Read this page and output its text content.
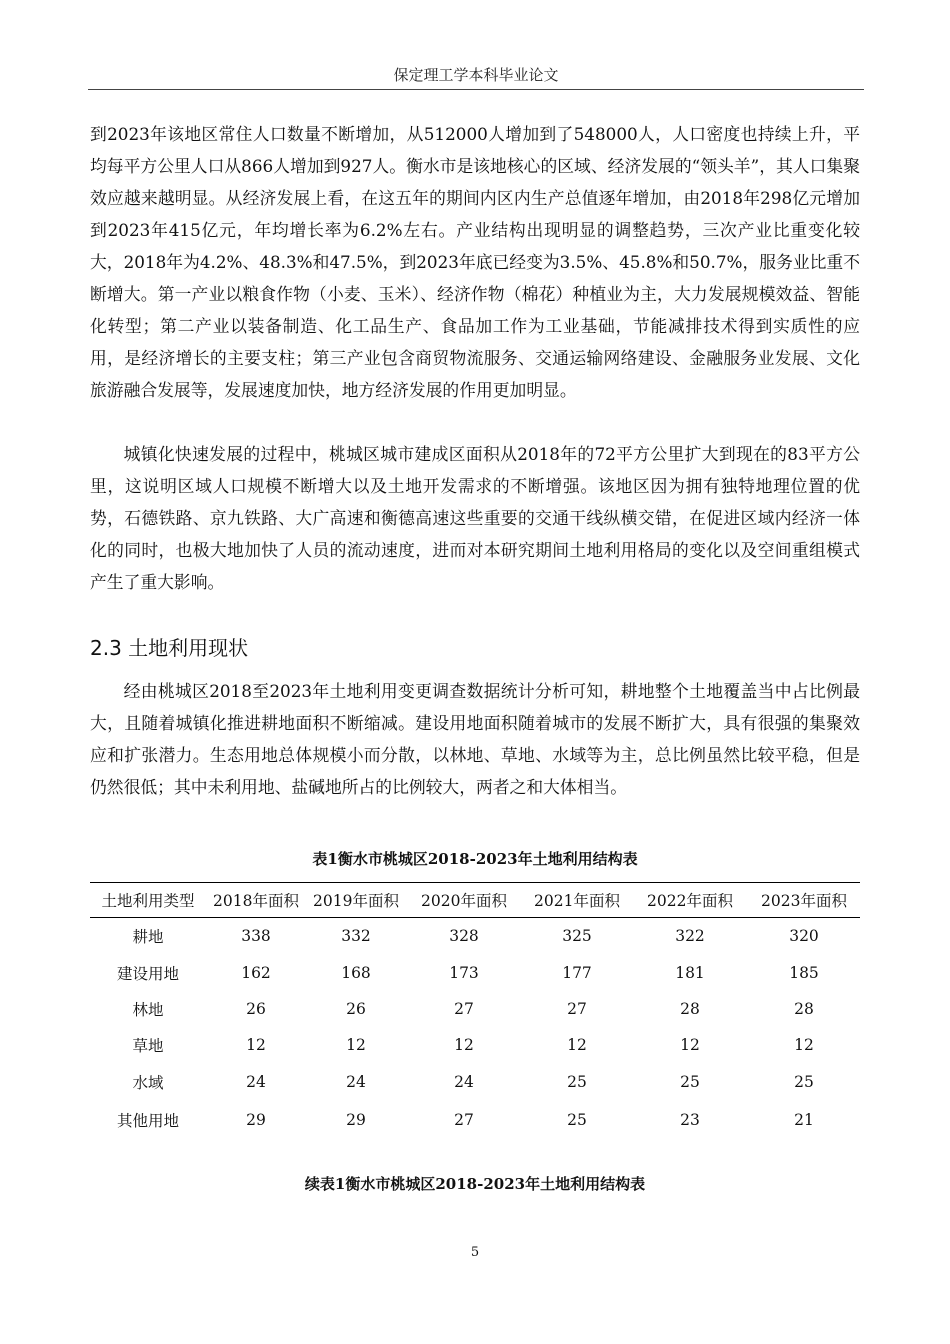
保定理工学本科毕业论文

到2023年该地区常住人口数量不断增加，从512000人增加到了548000人，人口密度也持续上升，平均每平方公里人口从866人增加到927人。衡水市是该地核心的区域、经济发展的“领头羊”，其人口集聚效应越来越明显。从经济发展上看，在这五年的期间内区内生产总值逐年增加，由2018年298亿元增加到2023年415亿元，年均增长率为6.2%左右。产业结构出现明显的调整趋势，三次产业比重变化较大，2018年为4.2%、48.3%和47.5%，到2023年底已经变为3.5%、45.8%和50.7%，服务业比重不断增大。第一产业以粮食作物（小麦、玉米）、经济作物（棉花）种植业为主，大力发展规模效益、智能化转型；第二产业以装备制造、化工品生产、食品加工作为工业基础，节能减排技术得到实质性的应用，是经济增长的主要支柱；第三产业包含商贸物流服务、交通运输网络建设、金融服务业发展、文化旅游融合发展等，发展速度加快，地方经济发展的作用更加明显。

城镇化快速发展的过程中，桃城区城市建成区面积从2018年的72平方公里扩大到现在的83平方公里，这说明区域人口规模不断增大以及土地开发需求的不断增强。该地区因为拥有独特地理位置的优势，石德铁路、京九铁路、大广高速和衡德高速这些重要的交通干线纵横交错，在促进区域内经济一体化的同时，也极大地加快了人员的流动速度，进而对本研究期间土地利用格局的变化以及空间重组模式产生了重大影响。

2.3 土地利用现状

经由桃城区2018至2023年土地利用变更调查数据统计分析可知，耕地整个土地覆盖当中占比例最大，且随着城镇化推进耕地面积不断缩减。建设用地面积随着城市的发展不断扩大，具有很强的集聚效应和扩张潜力。生态用地总体规模小而分散，以林地、草地、水域等为主，总比例虽然比较平稳，但是仍然很低；其中未利用地、盐碱地所占的比例较大，两者之和大体相当。

表1衡水市桃城区2018-2023年土地利用结构表

土地利用类型	2018年面积	2019年面积	2020年面积	2021年面积	2022年面积	2023年面积
耕地	338	332	328	325	322	320
建设用地	162	168	173	177	181	185
林地	26	26	27	27	28	28
草地	12	12	12	12	12	12
水域	24	24	24	25	25	25
其他用地	29	29	27	25	23	21

续表1衡水市桃城区2018-2023年土地利用结构表

5
